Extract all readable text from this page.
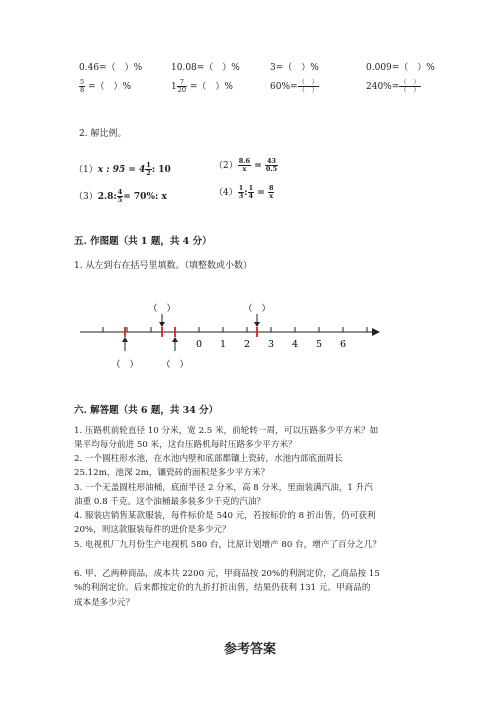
0.46=（　）%	10.08=（　）%	3=（　）%	0.009=（　）%
$\frac{5}{8}$ =（　）%	$1 \frac{7}{20}$ =（　）%	$60\%= \frac{( )}{( )}$	$240\%= \frac{( )}{( )}$
2. 解比例。
（1）x : $95 = 4 \frac{1}{2}$ : 10	$(2) \frac{8.6}{x} = \frac{43}{0.5}$
（3）2.8: $\frac{4}{5} = 70\%$: x	$(4) \frac{1}{3}$ : $\frac{1}{4} = \frac{8}{x}$
五. 作图题（共 1 题，共 4 分）
1. 从左到右在括号里填数。（填整数或小数）
0 1 2 3 4 5 6
（　）	（　）
（　）	（　）
六. 解答题（共 6 题，共 34 分）
1. 压路机前轮直径 10 分米，宽 2.5 米，前轮转一周，可以压路多少平方米？如
果平均每分前进 50 米，这台压路机每时压路多少平方米？
2. 一个圆柱形水池，在水池内壁和底部都镶上瓷砖，水池内部底面周长
25.12m，池深 2m，镶瓷砖的面积是多少平方米？
3. 一个无盖圆柱形油桶，底面半径 2 分米，高 8 分米，里面装满汽油，1 升汽
油重 0.8 千克。这个油桶最多装多少千克的汽油？
4. 服装店销售某款服装，每件标价是 540 元，若按标价的 8 折出售，仍可获利
20%，则这款服装每件的进价是多少元？
5. 电视机厂九月份生产电视机 580 台，比原计划增产 80 台，增产了百分之几？
6. 甲、乙两种商品，成本共 2200 元，甲商品按 20%的利润定价，乙商品按 15
%的利润定价。后来都按定价的九折打折出售，结果仍获利 131 元。甲商品的
成本是多少元？
参考答案
